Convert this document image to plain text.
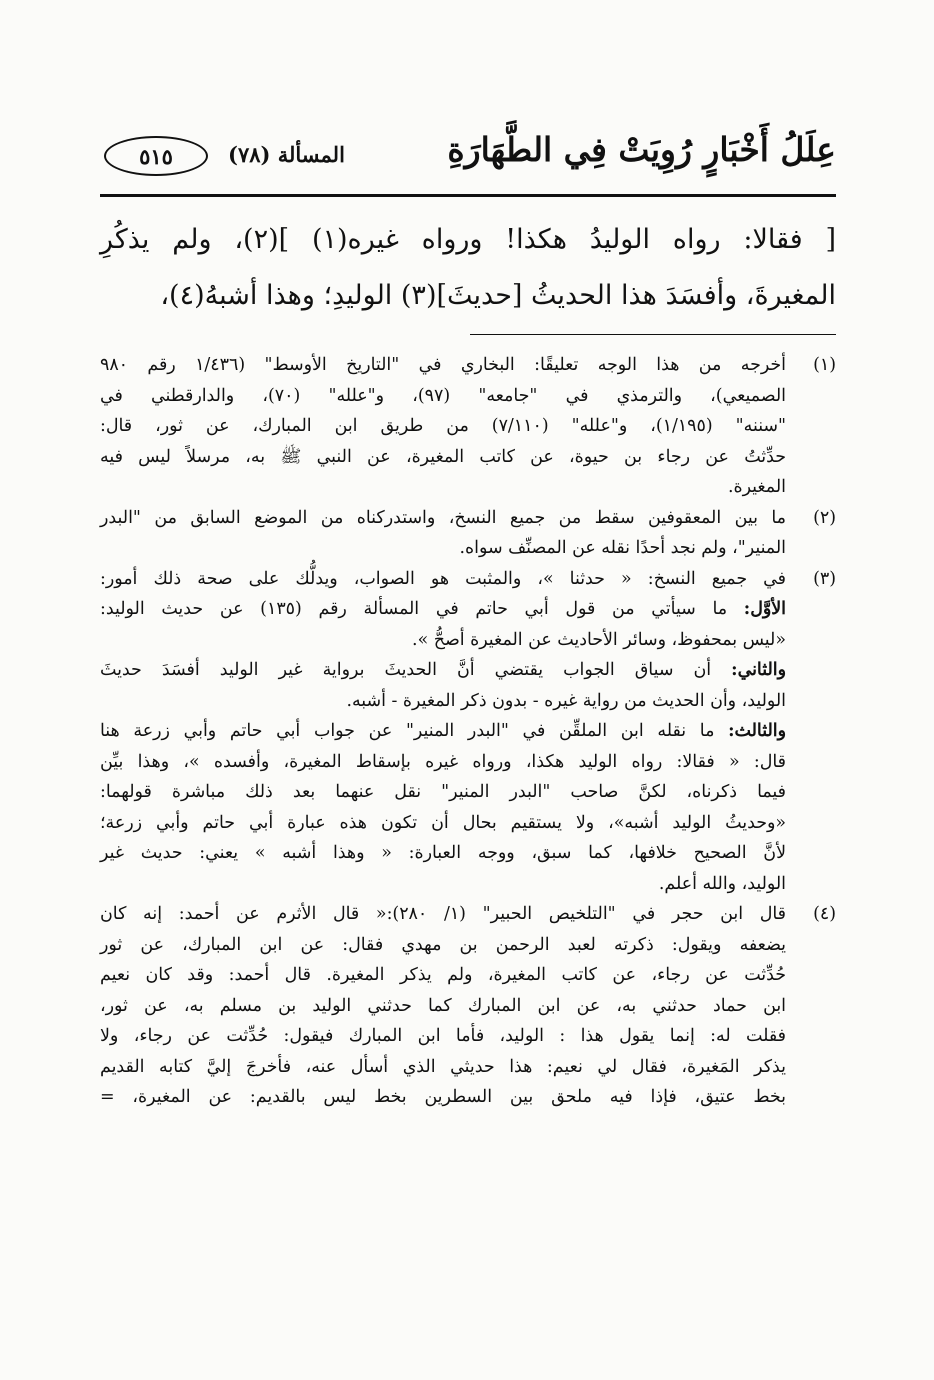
عِلَلُ أَخْبَارٍ رُوِيَتْ فِي الطَّهَارَةِ
المسألة (٧٨)
٥١٥

[ فقالا: رواه الوليدُ هكذا! ورواه غيره(١) ](٢)، ولم يذكُرِ

المغيرةَ، وأفسَدَ هذا الحديثُ [حديثَ](٣) الوليدِ؛ وهذا أشبهُ(٤)،

(١)

أخرجه من هذا الوجه تعليقًا: البخاري في "التاريخ الأوسط" (١/٤٣٦ رقم ٩٨٠

الصميعي)، والترمذي في "جامعه" (٩٧)، و"علله" (٧٠)، والدارقطني في

"سننه" (١/١٩٥)، و"علله" (٧/١١٠) من طريق ابن المبارك، عن ثور، قال:

حدِّثتُ عن رجاء بن حيوة، عن كاتب المغيرة، عن النبي ﷺ به، مرسلاً ليس فيه

المغيرة.

(٢)

ما بين المعقوفين سقط من جميع النسخ، واستدركناه من الموضع السابق من "البدر

المنير"، ولم نجد أحدًا نقله عن المصنِّف سواه.

(٣)

في جميع النسخ: « حدثنا »، والمثبت هو الصواب، ويدلُّك على صحة ذلك أمور:

الأوَّل: ما سيأتي من قول أبي حاتم في المسألة رقم (١٣٥) عن حديث الوليد:

«ليس بمحفوظ، وسائر الأحاديث عن المغيرة أصحُّ ».

والثاني: أن سياق الجواب يقتضي أنَّ الحديثَ برواية غير الوليد أفسَدَ حديثَ

الوليد، وأن الحديث من رواية غيره - بدون ذكر المغيرة - أشبه.

والثالث: ما نقله ابن الملقِّن في "البدر المنير" عن جواب أبي حاتم وأبي زرعة هنا

قال: « فقالا: رواه الوليد هكذا، ورواه غيره بإسقاط المغيرة، وأفسده »، وهذا بيِّن

فيما ذكرناه، لكنَّ صاحب "البدر المنير" نقل عنهما بعد ذلك مباشرة قولهما:

«وحديثُ الوليد أشبه»، ولا يستقيم بحال أن تكون هذه عبارة أبي حاتم وأبي زرعة؛

لأنَّ الصحيح خلافها، كما سبق، ووجه العبارة: « وهذا أشبه » يعني: حديث غير

الوليد، والله أعلم.

(٤)

قال ابن حجر في "التلخيص الحبير" (١/ ٢٨٠):« قال الأثرم عن أحمد: إنه كان

يضعفه ويقول: ذكرته لعبد الرحمن بن مهدي فقال: عن ابن المبارك، عن ثور

حُدِّثت عن رجاء، عن كاتب المغيرة، ولم يذكر المغيرة. قال أحمد: وقد كان نعيم

ابن حماد حدثني به، عن ابن المبارك كما حدثني الوليد بن مسلم به، عن ثور،

فقلت له: إنما يقول هذا : الوليد، فأما ابن المبارك فيقول: حُدِّثت عن رجاء، ولا

يذكر المَغيرة، فقال لي نعيم: هذا حديثي الذي أسأل عنه، فأخرجَ إليَّ كتابه القديم

بخط عتيق، فإذا فيه ملحق بين السطرين بخط ليس بالقديم: عن المغيرة، =
